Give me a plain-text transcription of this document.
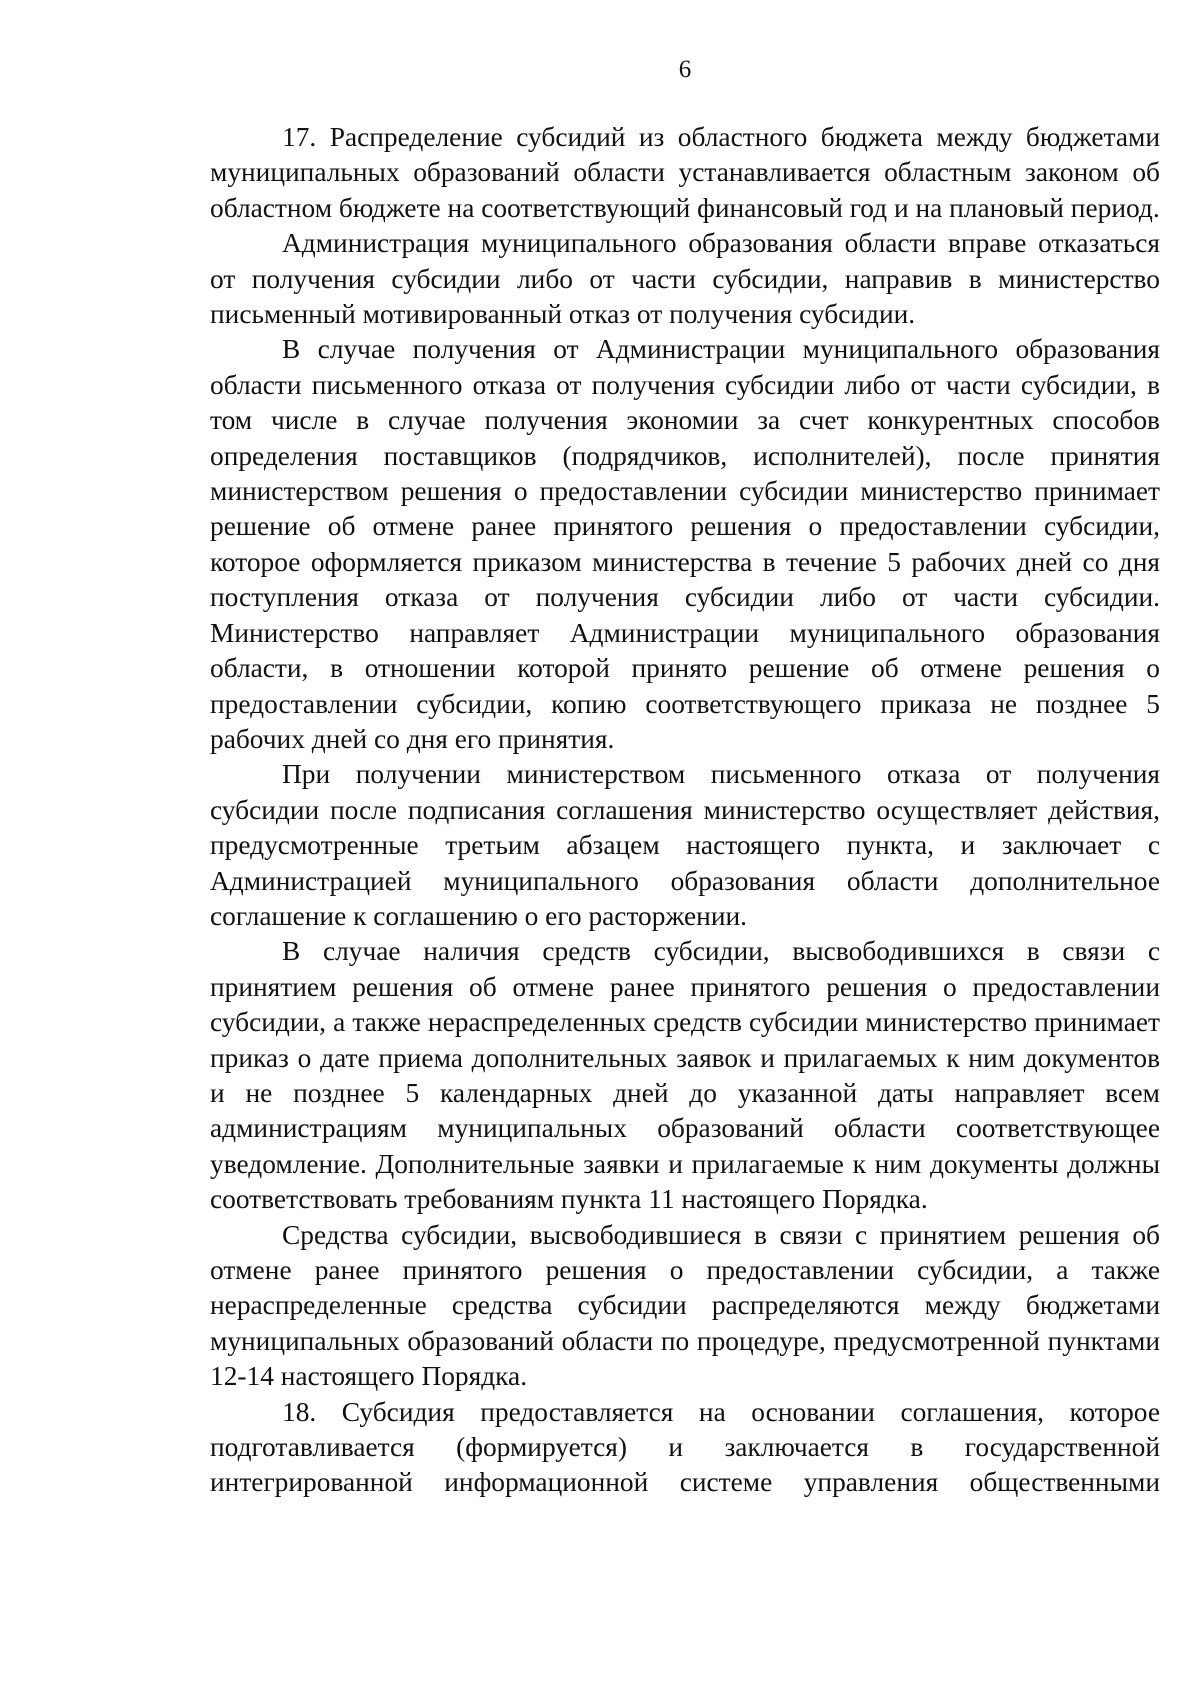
6

17. Распределение субсидий из областного бюджета между бюджетами муниципальных образований области устанавливается областным законом об областном бюджете на соответствующий финансовый год и на плановый период.

Администрация муниципального образования области вправе отказаться от получения субсидии либо от части субсидии, направив в министерство письменный мотивированный отказ от получения субсидии.

В случае получения от Администрации муниципального образования области письменного отказа от получения субсидии либо от части субсидии, в том числе в случае получения экономии за счет конкурентных способов определения поставщиков (подрядчиков, исполнителей), после принятия министерством решения о предоставлении субсидии министерство принимает решение об отмене ранее принятого решения о предоставлении субсидии, которое оформляется приказом министерства в течение 5 рабочих дней со дня поступления отказа от получения субсидии либо от части субсидии. Министерство направляет Администрации муниципального образования области, в отношении которой принято решение об отмене решения о предоставлении субсидии, копию соответствующего приказа не позднее 5 рабочих дней со дня его принятия.

При получении министерством письменного отказа от получения субсидии после подписания соглашения министерство осуществляет действия, предусмотренные третьим абзацем настоящего пункта, и заключает с Администрацией муниципального образования области дополнительное соглашение к соглашению о его расторжении.

В случае наличия средств субсидии, высвободившихся в связи с принятием решения об отмене ранее принятого решения о предоставлении субсидии, а также нераспределенных средств субсидии министерство принимает приказ о дате приема дополнительных заявок и прилагаемых к ним документов и не позднее 5 календарных дней до указанной даты направляет всем администрациям муниципальных образований области соответствующее уведомление. Дополнительные заявки и прилагаемые к ним документы должны соответствовать требованиям пункта 11 настоящего Порядка.

Средства субсидии, высвободившиеся в связи с принятием решения об отмене ранее принятого решения о предоставлении субсидии, а также нераспределенные средства субсидии распределяются между бюджетами муниципальных образований области по процедуре, предусмотренной пунктами 12-14 настоящего Порядка.

18. Субсидия предоставляется на основании соглашения, которое подготавливается (формируется) и заключается в государственной интегрированной информационной системе управления общественными
